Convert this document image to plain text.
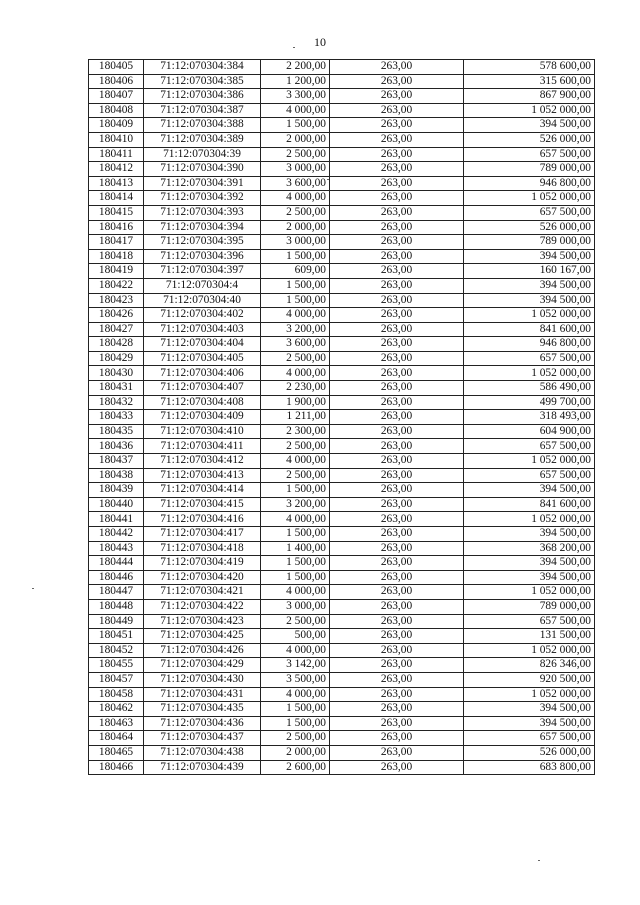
10
180405	71:12:070304:384	2 200,00	263,00	578 600,00
180406	71:12:070304:385	1 200,00	263,00	315 600,00
180407	71:12:070304:386	3 300,00	263,00	867 900,00
180408	71:12:070304:387	4 000,00	263,00	1 052 000,00
180409	71:12:070304:388	1 500,00	263,00	394 500,00
180410	71:12:070304:389	2 000,00	263,00	526 000,00
180411	71:12:070304:39	2 500,00	263,00	657 500,00
180412	71:12:070304:390	3 000,00	263,00	789 000,00
180413	71:12:070304:391	3 600,00	263,00	946 800,00
180414	71:12:070304:392	4 000,00	263,00	1 052 000,00
180415	71:12:070304:393	2 500,00	263,00	657 500,00
180416	71:12:070304:394	2 000,00	263,00	526 000,00
180417	71:12:070304:395	3 000,00	263,00	789 000,00
180418	71:12:070304:396	1 500,00	263,00	394 500,00
180419	71:12:070304:397	609,00	263,00	160 167,00
180422	71:12:070304:4	1 500,00	263,00	394 500,00
180423	71:12:070304:40	1 500,00	263,00	394 500,00
180426	71:12:070304:402	4 000,00	263,00	1 052 000,00
180427	71:12:070304:403	3 200,00	263,00	841 600,00
180428	71:12:070304:404	3 600,00	263,00	946 800,00
180429	71:12:070304:405	2 500,00	263,00	657 500,00
180430	71:12:070304:406	4 000,00	263,00	1 052 000,00
180431	71:12:070304:407	2 230,00	263,00	586 490,00
180432	71:12:070304:408	1 900,00	263,00	499 700,00
180433	71:12:070304:409	1 211,00	263,00	318 493,00
180435	71:12:070304:410	2 300,00	263,00	604 900,00
180436	71:12:070304:411	2 500,00	263,00	657 500,00
180437	71:12:070304:412	4 000,00	263,00	1 052 000,00
180438	71:12:070304:413	2 500,00	263,00	657 500,00
180439	71:12:070304:414	1 500,00	263,00	394 500,00
180440	71:12:070304:415	3 200,00	263,00	841 600,00
180441	71:12:070304:416	4 000,00	263,00	1 052 000,00
180442	71:12:070304:417	1 500,00	263,00	394 500,00
180443	71:12:070304:418	1 400,00	263,00	368 200,00
180444	71:12:070304:419	1 500,00	263,00	394 500,00
180446	71:12:070304:420	1 500,00	263,00	394 500,00
180447	71:12:070304:421	4 000,00	263,00	1 052 000,00
180448	71:12:070304:422	3 000,00	263,00	789 000,00
180449	71:12:070304:423	2 500,00	263,00	657 500,00
180451	71:12:070304:425	500,00	263,00	131 500,00
180452	71:12:070304:426	4 000,00	263,00	1 052 000,00
180455	71:12:070304:429	3 142,00	263,00	826 346,00
180457	71:12:070304:430	3 500,00	263,00	920 500,00
180458	71:12:070304:431	4 000,00	263,00	1 052 000,00
180462	71:12:070304:435	1 500,00	263,00	394 500,00
180463	71:12:070304:436	1 500,00	263,00	394 500,00
180464	71:12:070304:437	2 500,00	263,00	657 500,00
180465	71:12:070304:438	2 000,00	263,00	526 000,00
180466	71:12:070304:439	2 600,00	263,00	683 800,00
